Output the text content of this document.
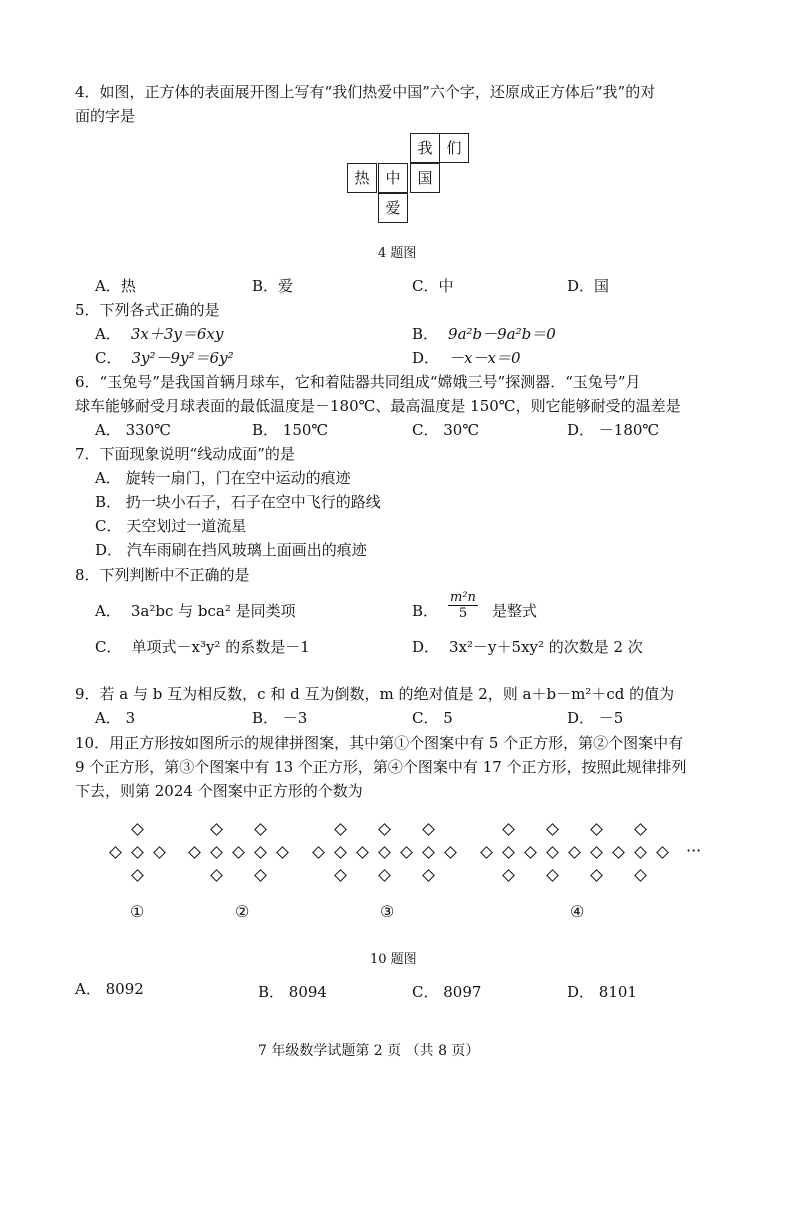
4．如图，正方体的表面展开图上写有“我们热爱中国”六个字，还原成正方体后“我”的对
面的字是
我 们
热	中	国
爱
4 题图
A．热	B．爱	C．中	D．国
5．下列各式正确的是
A． 3x＋3y＝6xy	B． 9a²b－9a²b＝0
C． 3y²－9y²＝6y²	D． －x－x＝0
6．“玉兔号”是我国首辆月球车，它和着陆器共同组成“嫦娥三号”探测器．“玉兔号”月
球车能够耐受月球表面的最低温度是－180℃、最高温度是 150℃，则它能够耐受的温差是
A． 330℃	B． 150℃	C． 30℃	D． －180℃
7．下面现象说明“线动成面”的是
A． 旋转一扇门，门在空中运动的痕迹
B． 扔一块小石子，石子在空中飞行的路线
C． 天空划过一道流星
D． 汽车雨刷在挡风玻璃上面画出的痕迹
8．下列判断中不正确的是
A． 3a²bc 与 bca² 是同类项	B． $\frac{\text{m²n}}{5}$ 是整式
C． 单项式－x³y² 的系数是－1	D． 3x²－y＋5xy² 的次数是 2 次
9．若 a 与 b 互为相反数，c 和 d 互为倒数，m 的绝对值是 2，则 a＋b－m²＋cd 的值为
A． 3	B． －3	C． 5	D． －5
10．用正方形按如图所示的规律拼图案，其中第①个图案中有 5 个正方形，第②个图案中有
9 个正方形，第③个图案中有 13 个正方形，第④个图案中有 17 个正方形，按照此规律排列
下去，则第 2024 个图案中正方形的个数为
···
①	②	③	④
10 题图
A． 8092	B． 8094	C． 8097	D． 8101
7 年级数学试题第 2 页 （共 8 页）
